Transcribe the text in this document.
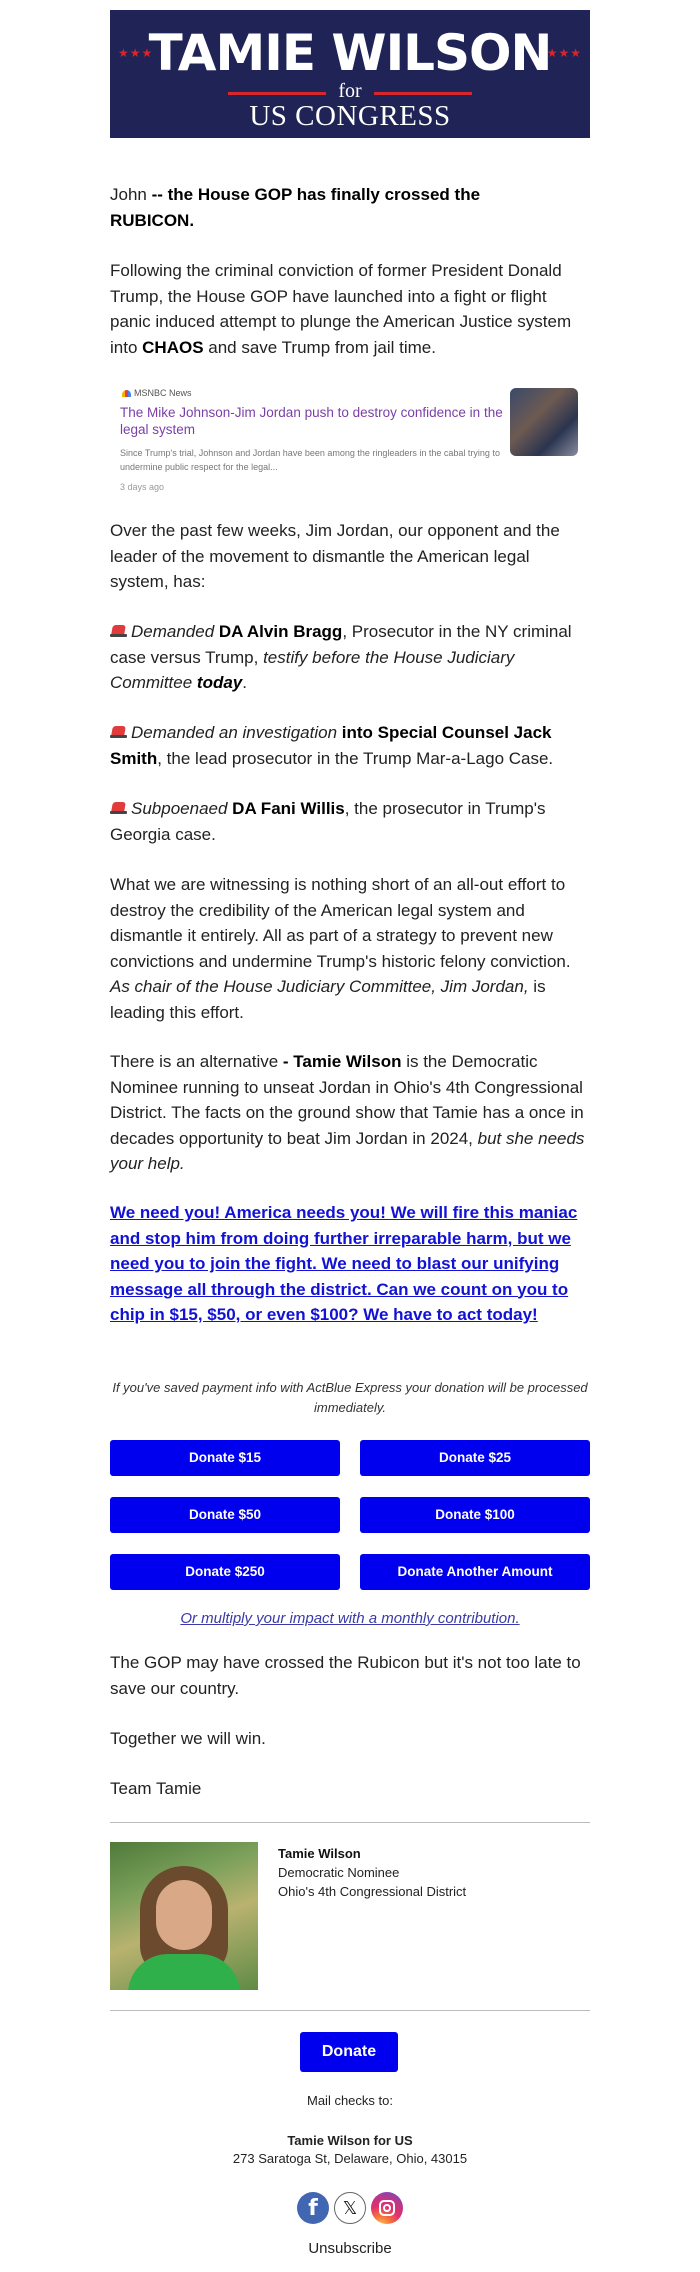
★★★	★★★
TAMIE WILSON
for
US CONGRESS
John -- the House GOP has finally crossed the RUBICON.
Following the criminal conviction of former President Donald Trump, the House GOP have launched into a fight or flight panic induced attempt to plunge the American Justice system into CHAOS and save Trump from jail time.
MSNBC News
The Mike Johnson-Jim Jordan push to destroy confidence in the legal system
Since Trump's trial, Johnson and Jordan have been among the ringleaders in the cabal trying to undermine public respect for the legal...
3 days ago
Over the past few weeks, Jim Jordan, our opponent and the leader of the movement to dismantle the American legal system, has:
Demanded DA Alvin Bragg, Prosecutor in the NY criminal case versus Trump, testify before the House Judiciary Committee today.
Demanded an investigation into Special Counsel Jack Smith, the lead prosecutor in the Trump Mar-a-Lago Case.
Subpoenaed DA Fani Willis, the prosecutor in Trump's Georgia case.
What we are witnessing is nothing short of an all-out effort to destroy the credibility of the American legal system and dismantle it entirely. All as part of a strategy to prevent new convictions and undermine Trump's historic felony conviction. As chair of the House Judiciary Committee, Jim Jordan, is leading this effort.
There is an alternative - Tamie Wilson is the Democratic Nominee running to unseat Jordan in Ohio's 4th Congressional District. The facts on the ground show that Tamie has a once in decades opportunity to beat Jim Jordan in 2024, but she needs your help.
We need you! America needs you! We will fire this maniac and stop him from doing further irreparable harm, but we need you to join the fight. We need to blast our unifying message all through the district. Can we count on you to chip in $15, $50, or even $100? We have to act today!
If you've saved payment info with ActBlue Express your donation will be processed immediately.
Donate $15	Donate $25
Donate $50	Donate $100
Donate $250	Donate Another Amount
Or multiply your impact with a monthly contribution.
The GOP may have crossed the Rubicon but it's not too late to save our country.
Together we will win.
Team Tamie
Tamie Wilson
Democratic Nominee
Ohio's 4th Congressional District
Donate
Mail checks to:
Tamie Wilson for US
273 Saratoga St, Delaware, Ohio, 43015
f	𝕏
Unsubscribe
